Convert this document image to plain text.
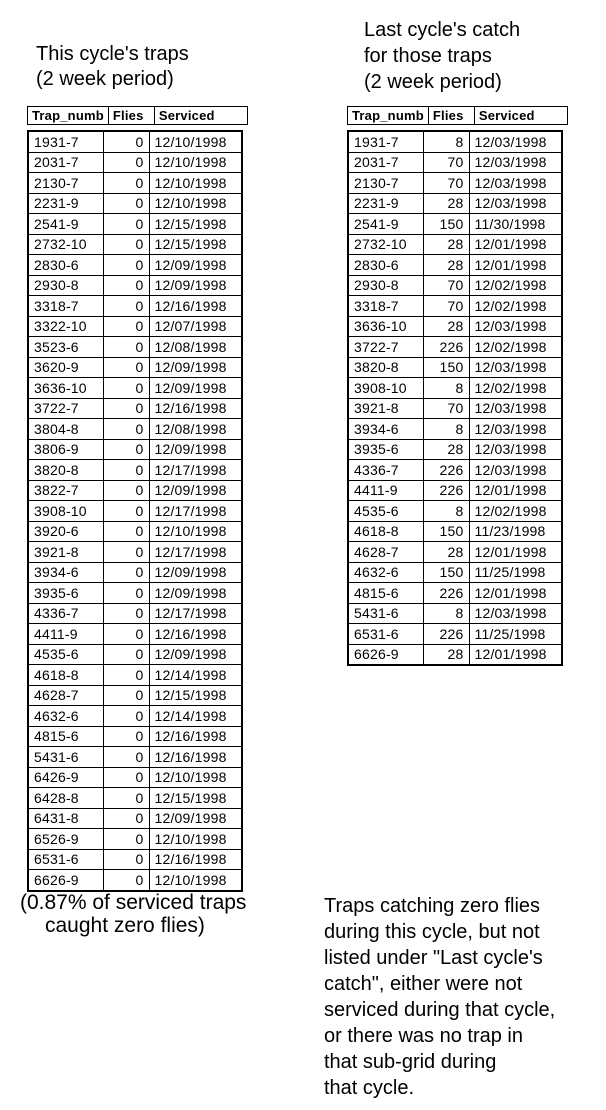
This cycle's traps
(2 week period)
Last cycle's catch
for those traps
(2 week period)
Trap_numb	Flies	Serviced
1931-7	0	12/10/1998
2031-7	0	12/10/1998
2130-7	0	12/10/1998
2231-9	0	12/10/1998
2541-9	0	12/15/1998
2732-10	0	12/15/1998
2830-6	0	12/09/1998
2930-8	0	12/09/1998
3318-7	0	12/16/1998
3322-10	0	12/07/1998
3523-6	0	12/08/1998
3620-9	0	12/09/1998
3636-10	0	12/09/1998
3722-7	0	12/16/1998
3804-8	0	12/08/1998
3806-9	0	12/09/1998
3820-8	0	12/17/1998
3822-7	0	12/09/1998
3908-10	0	12/17/1998
3920-6	0	12/10/1998
3921-8	0	12/17/1998
3934-6	0	12/09/1998
3935-6	0	12/09/1998
4336-7	0	12/17/1998
4411-9	0	12/16/1998
4535-6	0	12/09/1998
4618-8	0	12/14/1998
4628-7	0	12/15/1998
4632-6	0	12/14/1998
4815-6	0	12/16/1998
5431-6	0	12/16/1998
6426-9	0	12/10/1998
6428-8	0	12/15/1998
6431-8	0	12/09/1998
6526-9	0	12/10/1998
6531-6	0	12/16/1998
6626-9	0	12/10/1998
Trap_numb	Flies	Serviced
1931-7	8	12/03/1998
2031-7	70	12/03/1998
2130-7	70	12/03/1998
2231-9	28	12/03/1998
2541-9	150	11/30/1998
2732-10	28	12/01/1998
2830-6	28	12/01/1998
2930-8	70	12/02/1998
3318-7	70	12/02/1998
3636-10	28	12/03/1998
3722-7	226	12/02/1998
3820-8	150	12/03/1998
3908-10	8	12/02/1998
3921-8	70	12/03/1998
3934-6	8	12/03/1998
3935-6	28	12/03/1998
4336-7	226	12/03/1998
4411-9	226	12/01/1998
4535-6	8	12/02/1998
4618-8	150	11/23/1998
4628-7	28	12/01/1998
4632-6	150	11/25/1998
4815-6	226	12/01/1998
5431-6	8	12/03/1998
6531-6	226	11/25/1998
6626-9	28	12/01/1998
(0.87% of serviced traps
caught zero flies)
Traps catching zero flies
during this cycle, but not
listed under "Last cycle's
catch", either were not
serviced during that cycle,
or there was no trap in
that sub-grid during
that cycle.
